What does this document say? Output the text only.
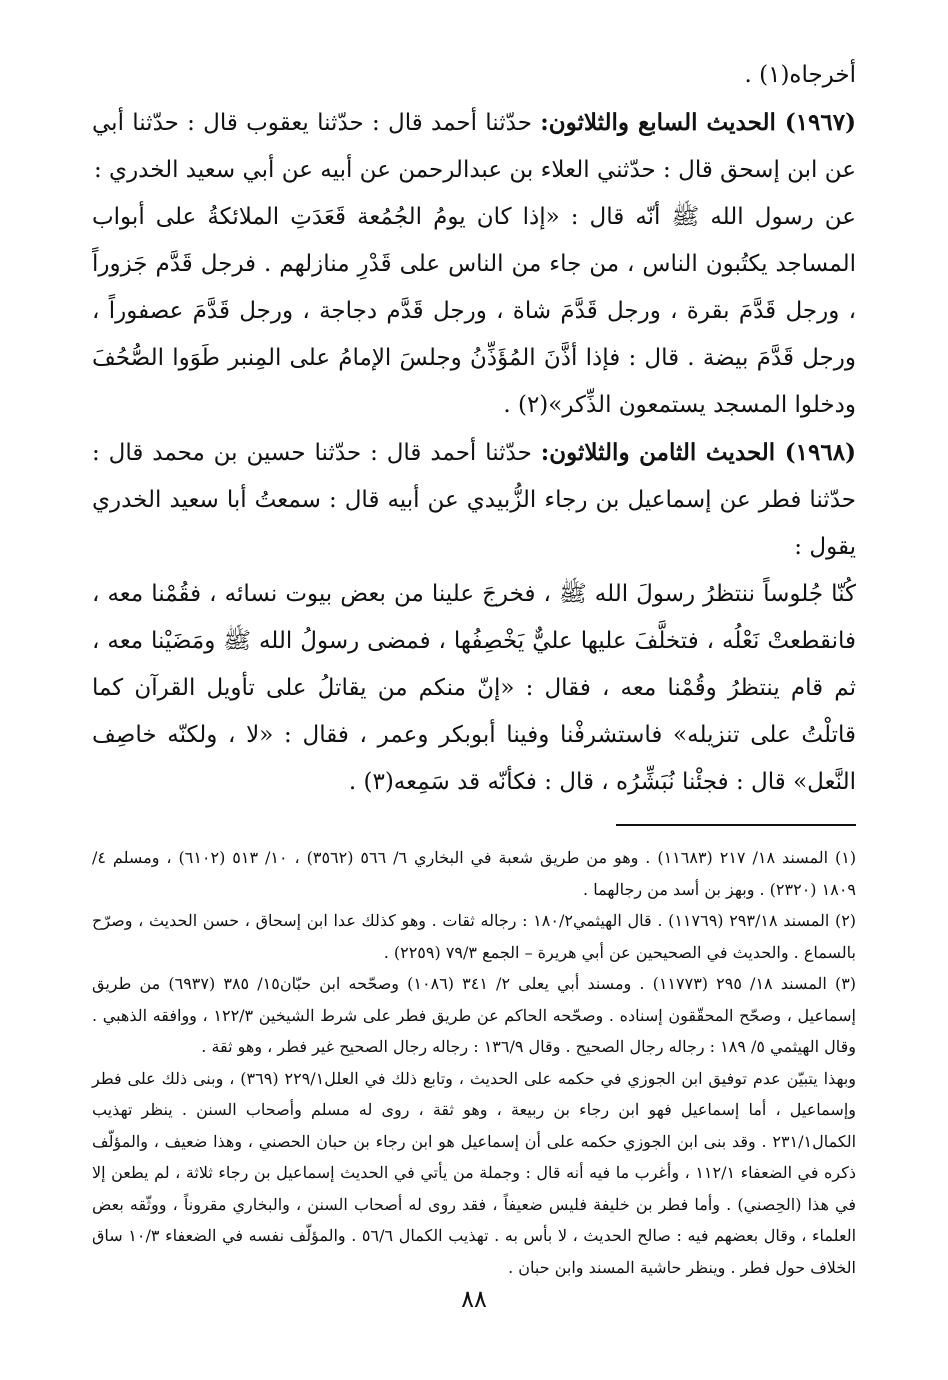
أخرجاه(١) .

(١٩٦٧) الحديث السابع والثلاثون: حدّثنا أحمد قال : حدّثنا يعقوب قال : حدّثنا أبي عن ابن إسحق قال : حدّثني العلاء بن عبدالرحمن عن أبيه عن أبي سعيد الخدري :

عن رسول الله ﷺ أنّه قال : «إذا كان يومُ الجُمُعة قَعَدَتِ الملائكةُ على أبواب المساجد يكتُبون الناس ، من جاء من الناس على قَدْرِ منازلهم . فرجل قَدَّم جَزوراً ، ورجل قَدَّمَ بقرة ، ورجل قَدَّمَ شاة ، ورجل قَدَّم دجاجة ، ورجل قَدَّمَ عصفوراً ، ورجل قَدَّمَ بيضة . قال : فإذا أذَّنَ المُؤَذِّنُ وجلسَ الإمامُ على المِنبر طَوَوا الصُّحُفَ ودخلوا المسجد يستمعون الذِّكر»(٢) .

(١٩٦٨) الحديث الثامن والثلاثون: حدّثنا أحمد قال : حدّثنا حسين بن محمد قال : حدّثنا فطر عن إسماعيل بن رجاء الزُّبيدي عن أبيه قال : سمعتُ أبا سعيد الخدري يقول :

كُنّا جُلوساً ننتظرُ رسولَ الله ﷺ ، فخرجَ علينا من بعض بيوت نسائه ، فقُمْنا معه ، فانقطعتْ نَعْلُه ، فتخلَّفَ عليها عليٌّ يَخْصِفُها ، فمضى رسولُ الله ﷺ ومَضَيْنا معه ، ثم قام ينتظرُ وقُمْنا معه ، فقال : «إنّ منكم من يقاتلُ على تأويل القرآن كما قاتلْتُ على تنزيله» فاستشرفْنا وفينا أبوبكر وعمر ، فقال : «لا ، ولكنّه خاصِف النَّعل» قال : فجئْنا نُبَشِّرُه ، قال : فكأنّه قد سَمِعه(٣) .

(١) المسند ١٨/ ٢١٧ (١١٦٨٣) . وهو من طريق شعبة في البخاري ٦/ ٥٦٦ (٣٥٦٢) ، ١٠/ ٥١٣ (٦١٠٢) ، ومسلم ٤/ ١٨٠٩ (٢٣٢٠) . وبهز بن أسد من رجالهما .

(٢) المسند ٢٩٣/١٨ (١١٧٦٩) . قال الهيثمي١٨٠/٢ : رجاله ثقات . وهو كذلك عدا ابن إسحاق ، حسن الحديث ، وصرّح بالسماع . والحديث في الصحيحين عن أبي هريرة – الجمع ٧٩/٣ (٢٢٥٩) .

(٣) المسند ١٨/ ٢٩٥ (١١٧٧٣) . ومسند أبي يعلى ٢/ ٣٤١ (١٠٨٦) وصحّحه ابن حبّان١٥/ ٣٨٥ (٦٩٣٧) من طريق إسماعيل ، وصحّح المحقّقون إسناده . وصحّحه الحاكم عن طريق فطر على شرط الشيخين ١٢٢/٣ ، ووافقه الذهبي . وقال الهيثمي ٥/ ١٨٩ : رجاله رجال الصحيح . وقال ١٣٦/٩ : رجاله رجال الصحيح غير فطر ، وهو ثقة .

وبهذا يتبيّن عدم توفيق ابن الجوزي في حكمه على الحديث ، وتابع ذلك في العلل٢٢٩/١ (٣٦٩) ، وبنى ذلك على فطر وإسماعيل ، أما إسماعيل فهو ابن رجاء بن ربيعة ، وهو ثقة ، روى له مسلم وأصحاب السنن . ينظر تهذيب الكمال٢٣١/١ . وقد بنى ابن الجوزي حكمه على أن إسماعيل هو ابن رجاء بن حبان الحصني ، وهذا ضعيف ، والمؤلّف ذكره في الضعفاء ١١٢/١ ، وأغرب ما فيه أنه قال : وجملة من يأتي في الحديث إسماعيل بن رجاء ثلاثة ، لم يطعن إلا في هذا (الحِصني) . وأما فطر بن خليفة فليس ضعيفاً ، فقد روى له أصحاب السنن ، والبخاري مقروناً ، ووثّقه بعض العلماء ، وقال بعضهم فيه : صالح الحديث ، لا بأس به . تهذيب الكمال ٥٦/٦ . والمؤلّف نفسه في الضعفاء ١٠/٣ ساق الخلاف حول فطر . وينظر حاشية المسند وابن حبان .

٨٨
